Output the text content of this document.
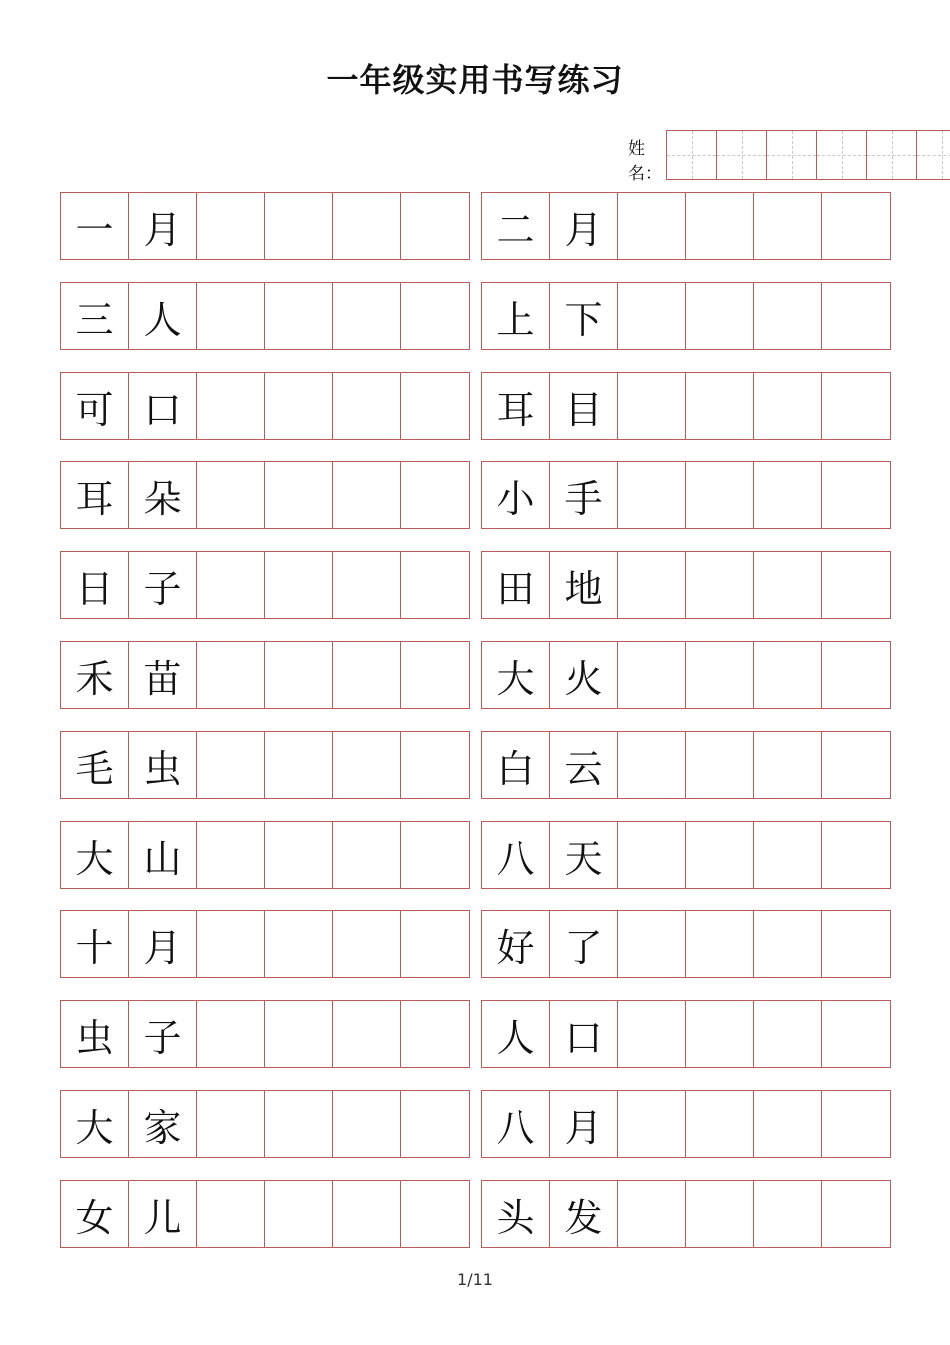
一年级实用书写练习
姓名：
一 月
三 人
可 口
耳 朵
日 子
禾 苗
毛 虫
大 山
十 月
虫 子
大 家
女 儿
二 月
上 下
耳 目
小 手
田 地
大 火
白 云
八 天
好 了
人 口
八 月
头 发
1/11
